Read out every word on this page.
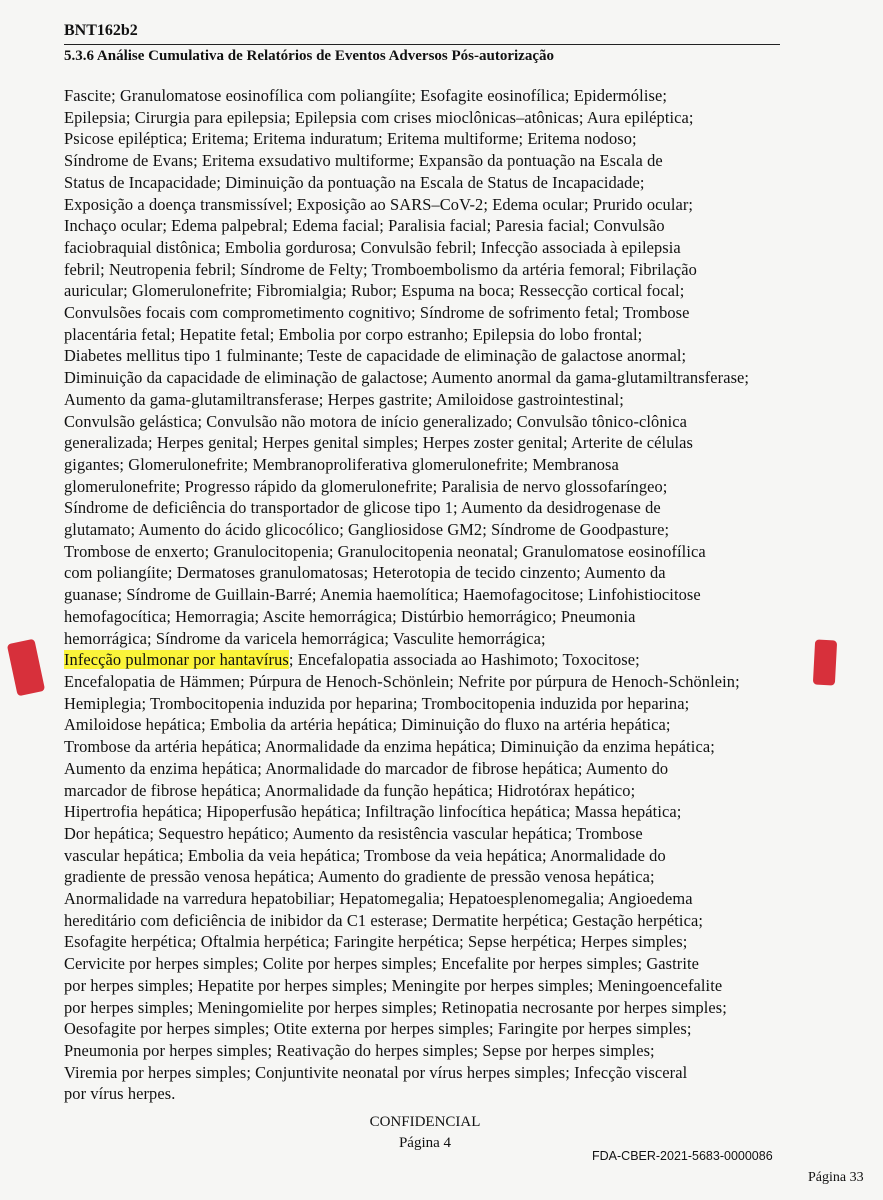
BNT162b2
5.3.6 Análise Cumulativa de Relatórios de Eventos Adversos Pós-autorização
Fascite; Granulomatose eosinofílica com poliangíite; Esofagite eosinofílica; Epidermólise;
Epilepsia; Cirurgia para epilepsia; Epilepsia com crises mioclônicas–atônicas; Aura epiléptica;
Psicose epiléptica; Eritema; Eritema induratum; Eritema multiforme; Eritema nodoso;
Síndrome de Evans; Eritema exsudativo multiforme; Expansão da pontuação na Escala de
Status de Incapacidade; Diminuição da pontuação na Escala de Status de Incapacidade;
Exposição a doença transmissível; Exposição ao SARS–CoV-2; Edema ocular; Prurido ocular;
Inchaço ocular; Edema palpebral; Edema facial; Paralisia facial; Paresia facial; Convulsão
faciobraquial distônica; Embolia gordurosa; Convulsão febril; Infecção associada à epilepsia
febril; Neutropenia febril; Síndrome de Felty; Tromboembolismo da artéria femoral; Fibrilação
auricular; Glomerulonefrite; Fibromialgia; Rubor; Espuma na boca; Ressecção cortical focal;
Convulsões focais com comprometimento cognitivo; Síndrome de sofrimento fetal; Trombose
placentária fetal; Hepatite fetal; Embolia por corpo estranho; Epilepsia do lobo frontal;
Diabetes mellitus tipo 1 fulminante; Teste de capacidade de eliminação de galactose anormal;
Diminuição da capacidade de eliminação de galactose; Aumento anormal da gama-glutamiltransferase;
Aumento da gama-glutamiltransferase; Herpes gastrite; Amiloidose gastrointestinal;
Convulsão gelástica; Convulsão não motora de início generalizado; Convulsão tônico-clônica
generalizada; Herpes genital; Herpes genital simples; Herpes zoster genital; Arterite de células
gigantes; Glomerulonefrite; Membranoproliferativa glomerulonefrite; Membranosa
glomerulonefrite; Progresso rápido da glomerulonefrite; Paralisia de nervo glossofaríngeo;
Síndrome de deficiência do transportador de glicose tipo 1; Aumento da desidrogenase de
glutamato; Aumento do ácido glicocólico; Gangliosidose GM2; Síndrome de Goodpasture;
Trombose de enxerto; Granulocitopenia; Granulocitopenia neonatal; Granulomatose eosinofílica
com poliangíite; Dermatoses granulomatosas; Heterotopia de tecido cinzento; Aumento da
guanase; Síndrome de Guillain-Barré; Anemia haemolítica; Haemofagocitose; Linfohistiocitose
hemofagocítica; Hemorragia; Ascite hemorrágica; Distúrbio hemorrágico; Pneumonia
hemorrágica; Síndrome da varicela hemorrágica; Vasculite hemorrágica;
Infecção pulmonar por hantavírus; Encefalopatia associada ao Hashimoto; Toxocitose;
Encefalopatia de Hämmen; Púrpura de Henoch-Schönlein; Nefrite por púrpura de Henoch-Schönlein;
Hemiplegia; Trombocitopenia induzida por heparina; Trombocitopenia induzida por heparina;
Amiloidose hepática; Embolia da artéria hepática; Diminuição do fluxo na artéria hepática;
Trombose da artéria hepática; Anormalidade da enzima hepática; Diminuição da enzima hepática;
Aumento da enzima hepática; Anormalidade do marcador de fibrose hepática; Aumento do
marcador de fibrose hepática; Anormalidade da função hepática; Hidrotórax hepático;
Hipertrofia hepática; Hipoperfusão hepática; Infiltração linfocítica hepática; Massa hepática;
Dor hepática; Sequestro hepático; Aumento da resistência vascular hepática; Trombose
vascular hepática; Embolia da veia hepática; Trombose da veia hepática; Anormalidade do
gradiente de pressão venosa hepática; Aumento do gradiente de pressão venosa hepática;
Anormalidade na varredura hepatobiliar; Hepatomegalia; Hepatoesplenomegalia; Angioedema
hereditário com deficiência de inibidor da C1 esterase; Dermatite herpética; Gestação herpética;
Esofagite herpética; Oftalmia herpética; Faringite herpética; Sepse herpética; Herpes simples;
Cervicite por herpes simples; Colite por herpes simples; Encefalite por herpes simples; Gastrite
por herpes simples; Hepatite por herpes simples; Meningite por herpes simples; Meningoencefalite
por herpes simples; Meningomielite por herpes simples; Retinopatia necrosante por herpes simples;
Oesofagite por herpes simples; Otite externa por herpes simples; Faringite por herpes simples;
Pneumonia por herpes simples; Reativação do herpes simples; Sepse por herpes simples;
Viremia por herpes simples; Conjuntivite neonatal por vírus herpes simples; Infecção visceral
por vírus herpes.
CONFIDENCIAL
Página 4
FDA-CBER-2021-5683-0000086
Página 33
